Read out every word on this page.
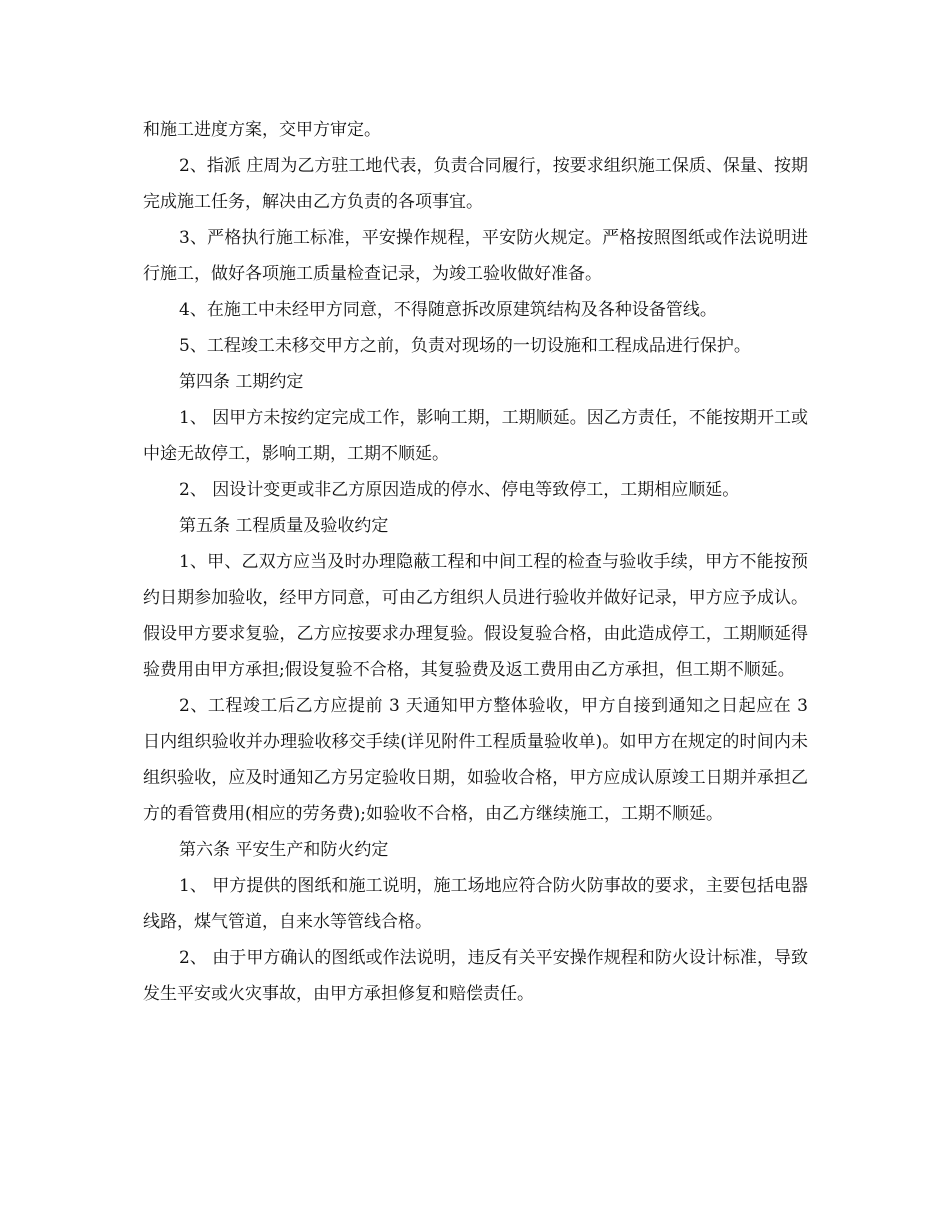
和施工进度方案，交甲方审定。

2、指派 庄周为乙方驻工地代表，负责合同履行，按要求组织施工保质、保量、按期完成施工任务，解决由乙方负责的各项事宜。

3、严格执行施工标准，平安操作规程，平安防火规定。严格按照图纸或作法说明进行施工，做好各项施工质量检查记录，为竣工验收做好准备。

4、在施工中未经甲方同意，不得随意拆改原建筑结构及各种设备管线。

5、工程竣工未移交甲方之前，负责对现场的一切设施和工程成品进行保护。

第四条 工期约定

1、 因甲方未按约定完成工作，影响工期，工期顺延。因乙方责任，不能按期开工或中途无故停工，影响工期，工期不顺延。

2、 因设计变更或非乙方原因造成的停水、停电等致停工，工期相应顺延。

第五条 工程质量及验收约定

1、甲、乙双方应当及时办理隐蔽工程和中间工程的检查与验收手续，甲方不能按预约日期参加验收，经甲方同意，可由乙方组织人员进行验收并做好记录，甲方应予成认。假设甲方要求复验，乙方应按要求办理复验。假设复验合格，由此造成停工，工期顺延得验费用由甲方承担;假设复验不合格，其复验费及返工费用由乙方承担，但工期不顺延。

2、工程竣工后乙方应提前 3 天通知甲方整体验收，甲方自接到通知之日起应在 3 日内组织验收并办理验收移交手续(详见附件工程质量验收单)。如甲方在规定的时间内未组织验收，应及时通知乙方另定验收日期，如验收合格，甲方应成认原竣工日期并承担乙方的看管费用(相应的劳务费);如验收不合格，由乙方继续施工，工期不顺延。

第六条 平安生产和防火约定

1、 甲方提供的图纸和施工说明，施工场地应符合防火防事故的要求，主要包括电器线路，煤气管道，自来水等管线合格。

2、 由于甲方确认的图纸或作法说明，违反有关平安操作规程和防火设计标准，导致发生平安或火灾事故，由甲方承担修复和赔偿责任。
